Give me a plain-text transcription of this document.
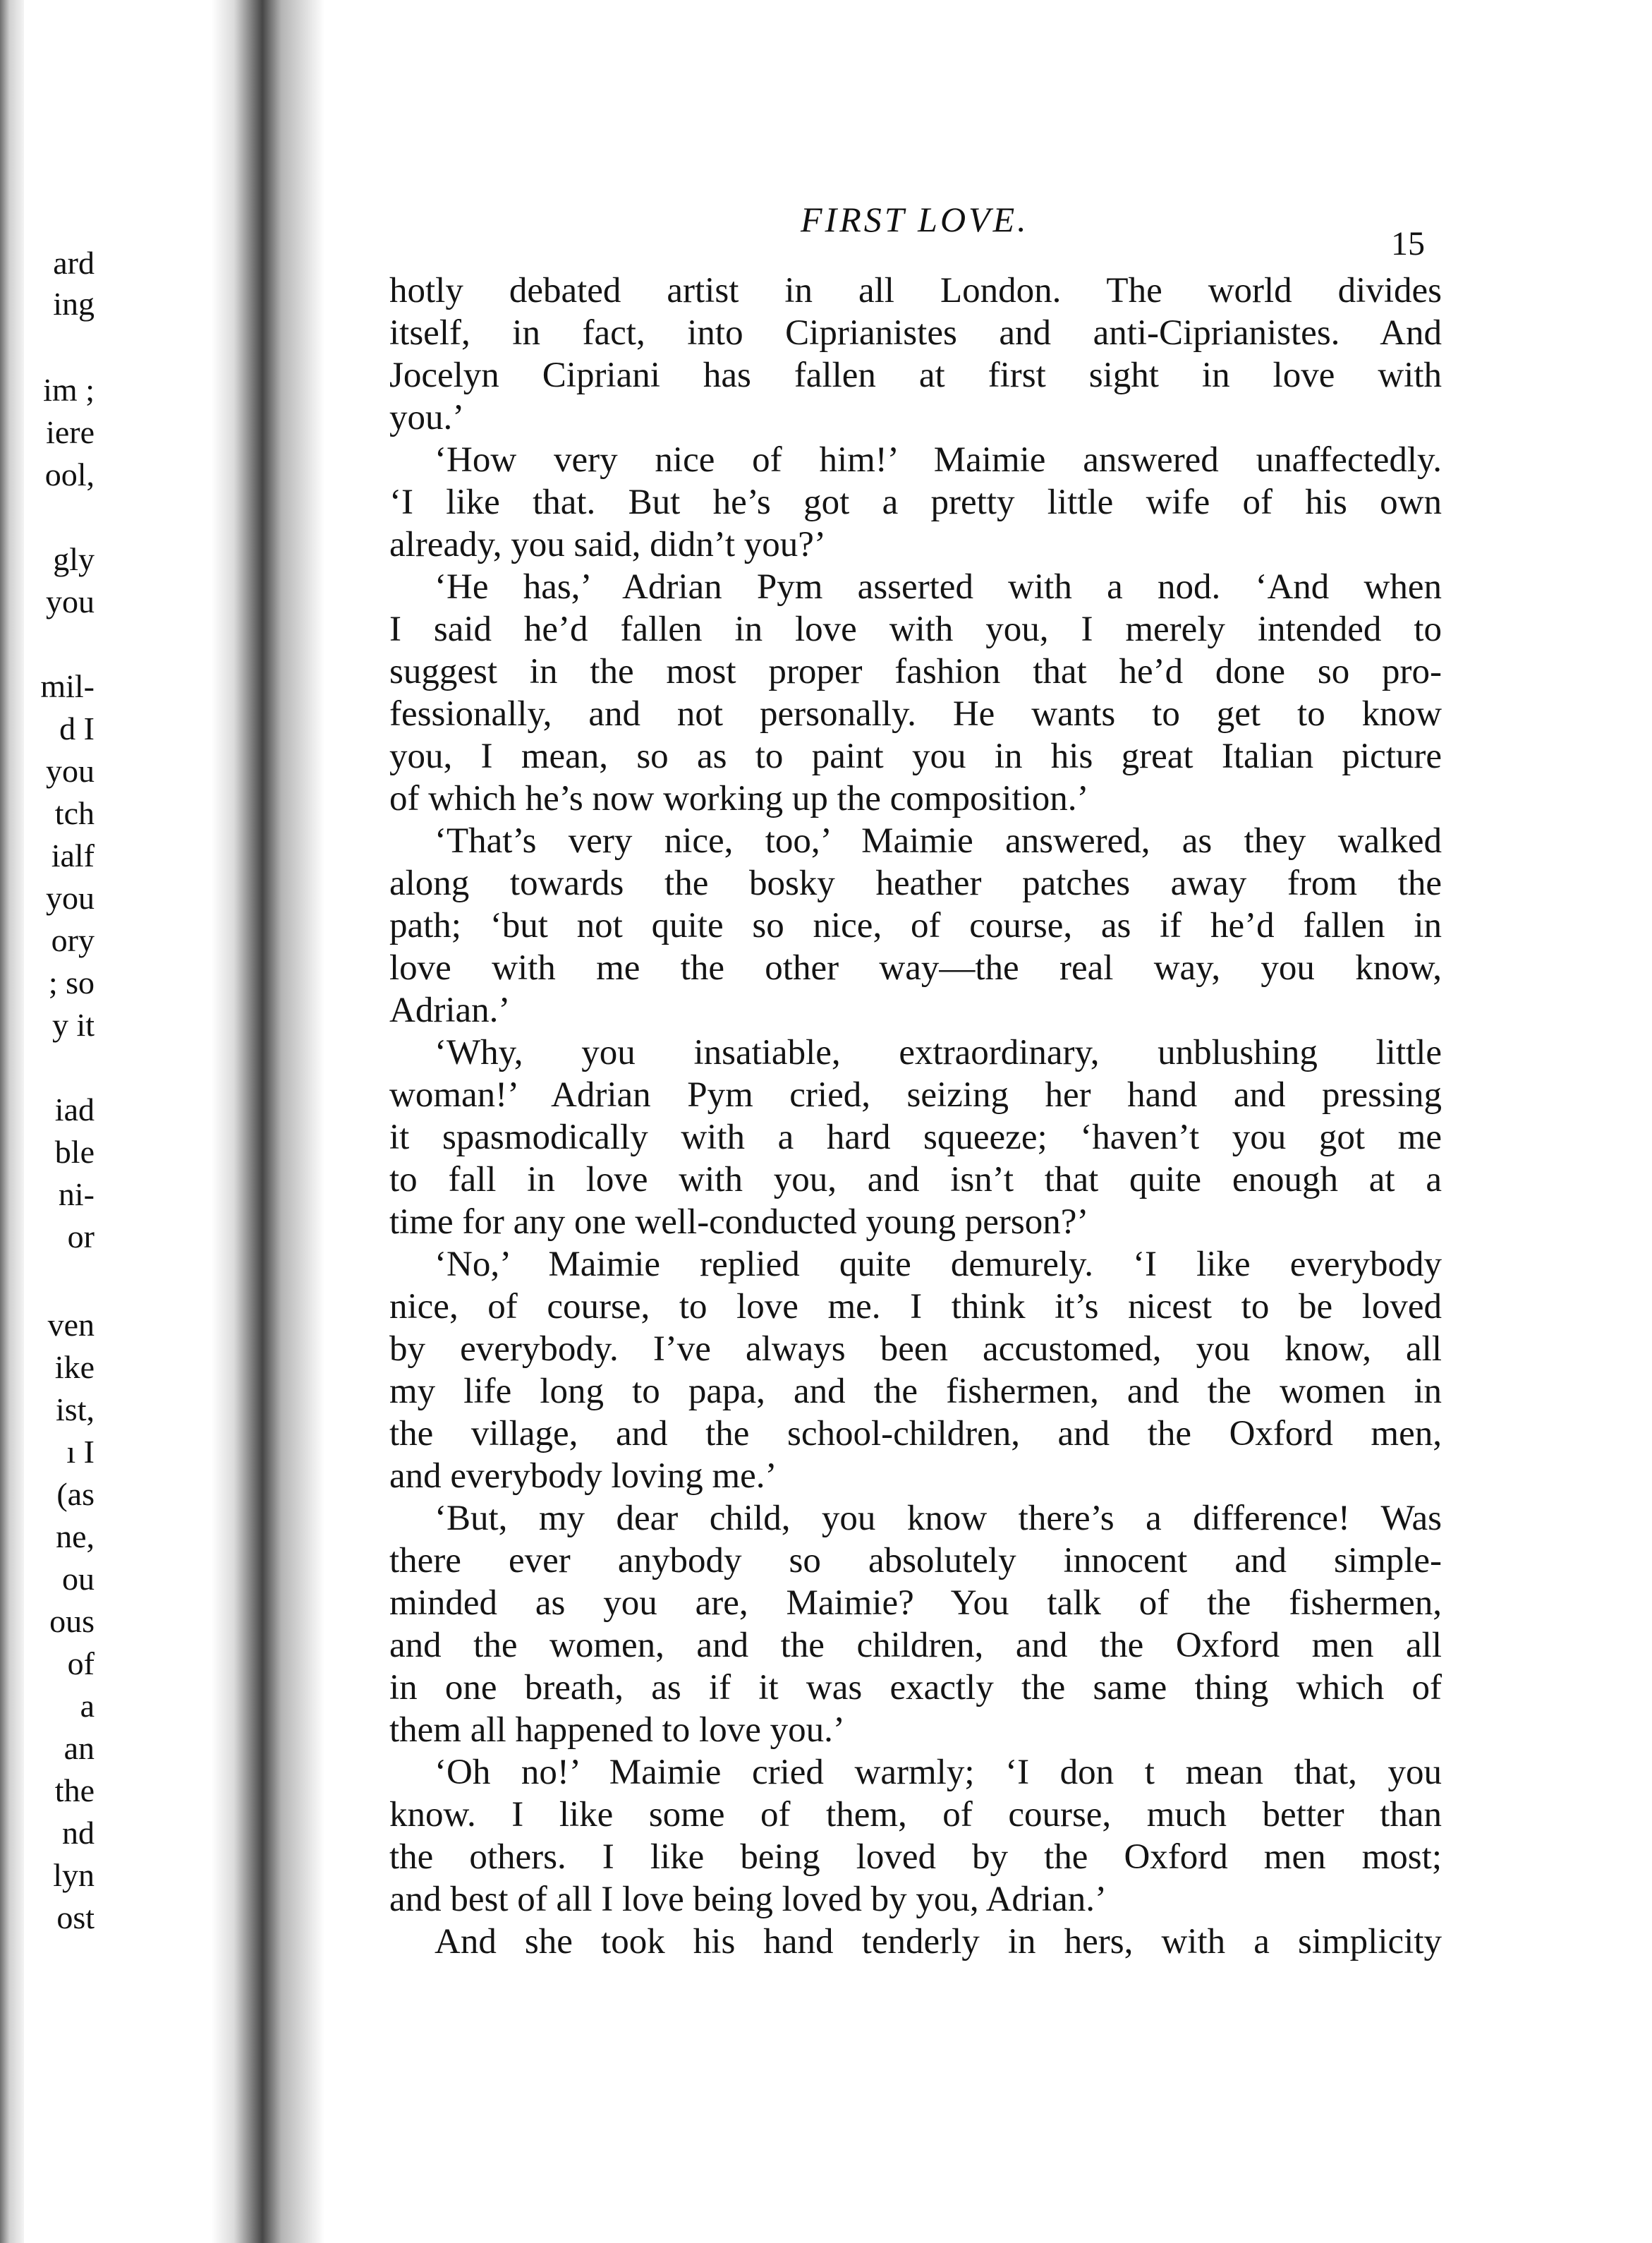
ard
ing
im ;
iere
ool,
gly
you
mil-
d I
you
tch
ialf
you
ory
; so
y it
iad
ble
ni-
or
ven
ike
ist,
ı I
(as
ne,
ou
ous
of
a
an
the
nd
lyn
ost
FIRST LOVE.
15
hotly debated artist in all London. The world divides
itself, in fact, into Ciprianistes and anti-Ciprianistes. And
Jocelyn Cipriani has fallen at first sight in love with
you.’
‘How very nice of him!’ Maimie answered unaffectedly.
‘I like that. But he’s got a pretty little wife of his own
already, you said, didn’t you?’
‘He has,’ Adrian Pym asserted with a nod. ‘And when
I said he’d fallen in love with you, I merely intended to
suggest in the most proper fashion that he’d done so pro-
fessionally, and not personally. He wants to get to know
you, I mean, so as to paint you in his great Italian picture
of which he’s now working up the composition.’
‘That’s very nice, too,’ Maimie answered, as they walked
along towards the bosky heather patches away from the
path; ‘but not quite so nice, of course, as if he’d fallen in
love with me the other way—the real way, you know,
Adrian.’
‘Why, you insatiable, extraordinary, unblushing little
woman!’ Adrian Pym cried, seizing her hand and pressing
it spasmodically with a hard squeeze; ‘haven’t you got me
to fall in love with you, and isn’t that quite enough at a
time for any one well-conducted young person?’
‘No,’ Maimie replied quite demurely. ‘I like everybody
nice, of course, to love me. I think it’s nicest to be loved
by everybody. I’ve always been accustomed, you know, all
my life long to papa, and the fishermen, and the women in
the village, and the school-children, and the Oxford men,
and everybody loving me.’
‘But, my dear child, you know there’s a difference! Was
there ever anybody so absolutely innocent and simple-
minded as you are, Maimie? You talk of the fishermen,
and the women, and the children, and the Oxford men all
in one breath, as if it was exactly the same thing which of
them all happened to love you.’
‘Oh no!’ Maimie cried warmly; ‘I don t mean that, you
know. I like some of them, of course, much better than
the others. I like being loved by the Oxford men most;
and best of all I love being loved by you, Adrian.’
And she took his hand tenderly in hers, with a simplicity
